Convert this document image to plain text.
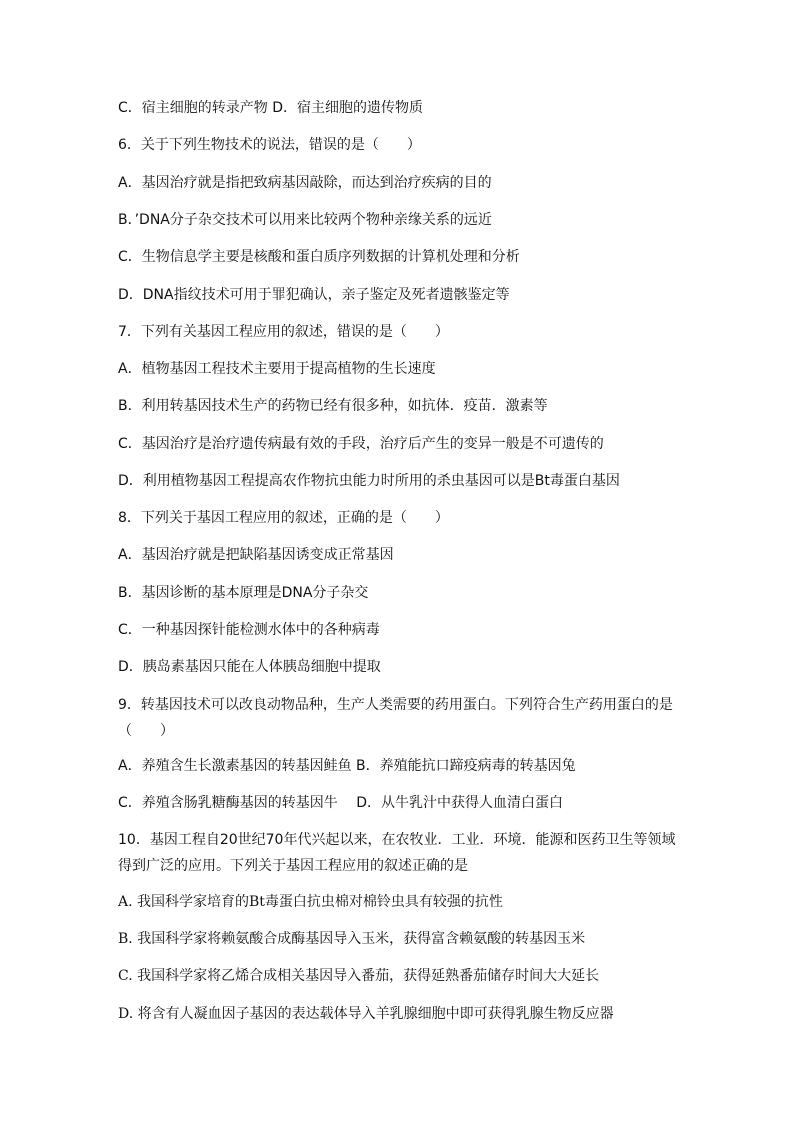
C．宿主细胞的转录产物 D．宿主细胞的遗传物质
6．关于下列生物技术的说法，错误的是（　　）
A．基因治疗就是指把致病基因敲除，而达到治疗疾病的目的
B．’DNA分子杂交技术可以用来比较两个物种亲缘关系的远近
C．生物信息学主要是核酸和蛋白质序列数据的计算机处理和分析
D．DNA指纹技术可用于罪犯确认，亲子鉴定及死者遗骸鉴定等
7．下列有关基因工程应用的叙述，错误的是（　　）
A．植物基因工程技术主要用于提高植物的生长速度
B．利用转基因技术生产的药物已经有很多种，如抗体．疫苗．激素等
C．基因治疗是治疗遗传病最有效的手段，治疗后产生的变异一般是不可遗传的
D．利用植物基因工程提高农作物抗虫能力时所用的杀虫基因可以是Bt毒蛋白基因
8．下列关于基因工程应用的叙述，正确的是（　　）
A．基因治疗就是把缺陷基因诱变成正常基因
B．基因诊断的基本原理是DNA分子杂交
C．一种基因探针能检测水体中的各种病毒
D．胰岛素基因只能在人体胰岛细胞中提取
9．转基因技术可以改良动物品种，生产人类需要的药用蛋白。下列符合生产药用蛋白的是（　　）
A．养殖含生长激素基因的转基因鲑鱼 B．养殖能抗口蹄疫病毒的转基因兔
C．养殖含肠乳糖酶基因的转基因牛　 D．从牛乳汁中获得人血清白蛋白
10．基因工程自20世纪70年代兴起以来，在农牧业．工业．环境．能源和医药卫生等领域得到广泛的应用。下列关于基因工程应用的叙述正确的是
A. 我国科学家培育的Bt毒蛋白抗虫棉对棉铃虫具有较强的抗性
B. 我国科学家将赖氨酸合成酶基因导入玉米，获得富含赖氨酸的转基因玉米
C. 我国科学家将乙烯合成相关基因导入番茄，获得延熟番茄储存时间大大延长
D. 将含有人凝血因子基因的表达载体导入羊乳腺细胞中即可获得乳腺生物反应器
